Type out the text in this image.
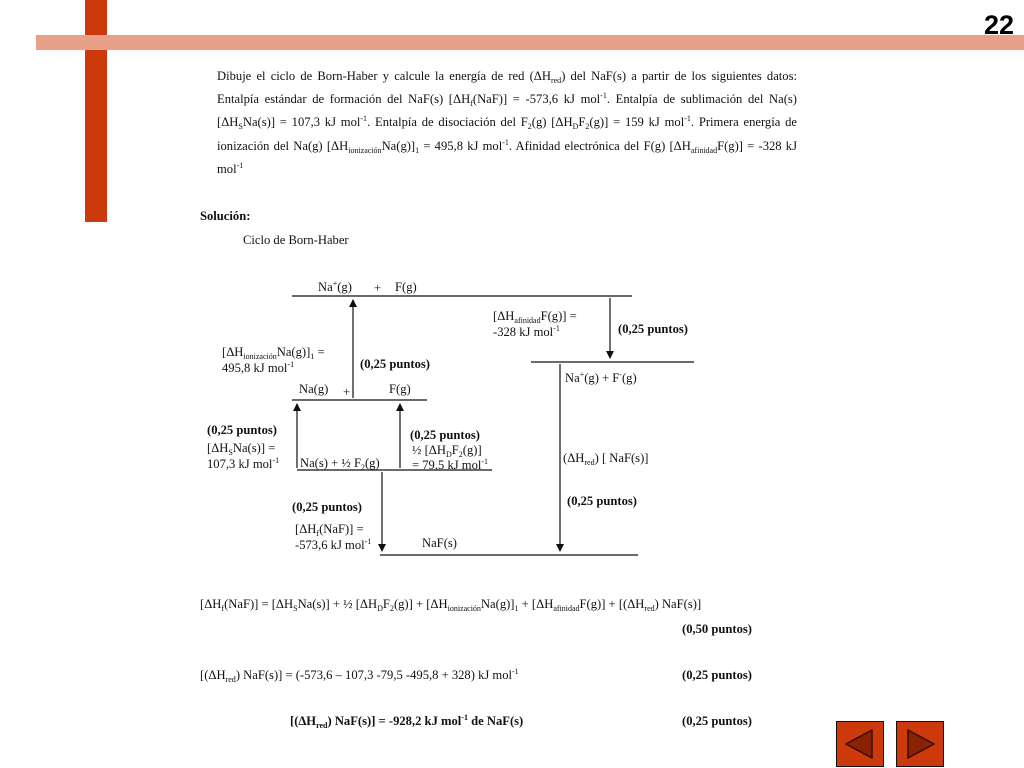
22
Dibuje el ciclo de Born-Haber y calcule la energía de red $(\Delta H_{red})$ del NaF(s) a partir de los siguientes datos: Entalpía estándar de formación del NaF(s) $[\Delta H_f(NaF)] = -573,6$ kJ mol$^{-1}$. Entalpía de sublimación del Na(s) $[\Delta H_SNa(s)] = 107,3$ kJ mol$^{-1}$. Entalpía de disociación del $F_2(g) [\Delta H_DF_2(g)] = 159$ kJ mol$^{-1}$. Primera energía de ionización del Na(g) $[\Delta H_{ionización}Na(g)]_1 = 495,8$ kJ mol$^{-1}$. Afinidad electrónica del F(g) $[\Delta H_{afinidad}F(g)] = -328$ kJ mol$^{-1}$
Solución:
Ciclo de Born-Haber
Na+(g) + F(g)
$[\Delta H_{afinidad}F(g)]$ =
-328 kJ mol$^{-1}$	(0,25 puntos)
Na+(g) + F-(g)
$[\Delta H_{ionización}Na(g)]_1$ =
495,8 kJ mol$^{-1}$	(0,25 puntos)
Na(g) +	F(g)
(0,25 puntos)
$[\Delta H_SNa(s)]$ =
107,3 kJ mol$^{-1}$ Na(s) + ½ $F_2(g)$
(0,25 puntos)
½ $[\Delta H_DF_2(g)]$
= 79,5 kJ mol$^{-1}$	$(\Delta H_{red})$ [ NaF(s)]
(0,25 puntos)
(0,25 puntos)
$[\Delta H_f(NaF)]$ =
-573,6 kJ mol$^{-1}$	NaF(s)
$[\Delta H_f(NaF)] = [\Delta H_SNa(s)]$ + ½ $[\Delta H_DF_2(g)] + [\Delta H_{ionización}Na(g)]_1 + [\Delta H_{afinidad}F(g)] + [(\Delta H_{red})$ NaF(s)]
(0,50 puntos)
$[(\Delta H_{red}) NaF(s)] = (-573,6 - 107,3$ -79,5 -495,8 + 328) kJ mol$^{-1}$	(0,25 puntos)
$[(\Delta H_{red}) NaF(s)] = -928,2$ kJ mol$^{-1}$ de NaF(s)	(0,25 puntos)
